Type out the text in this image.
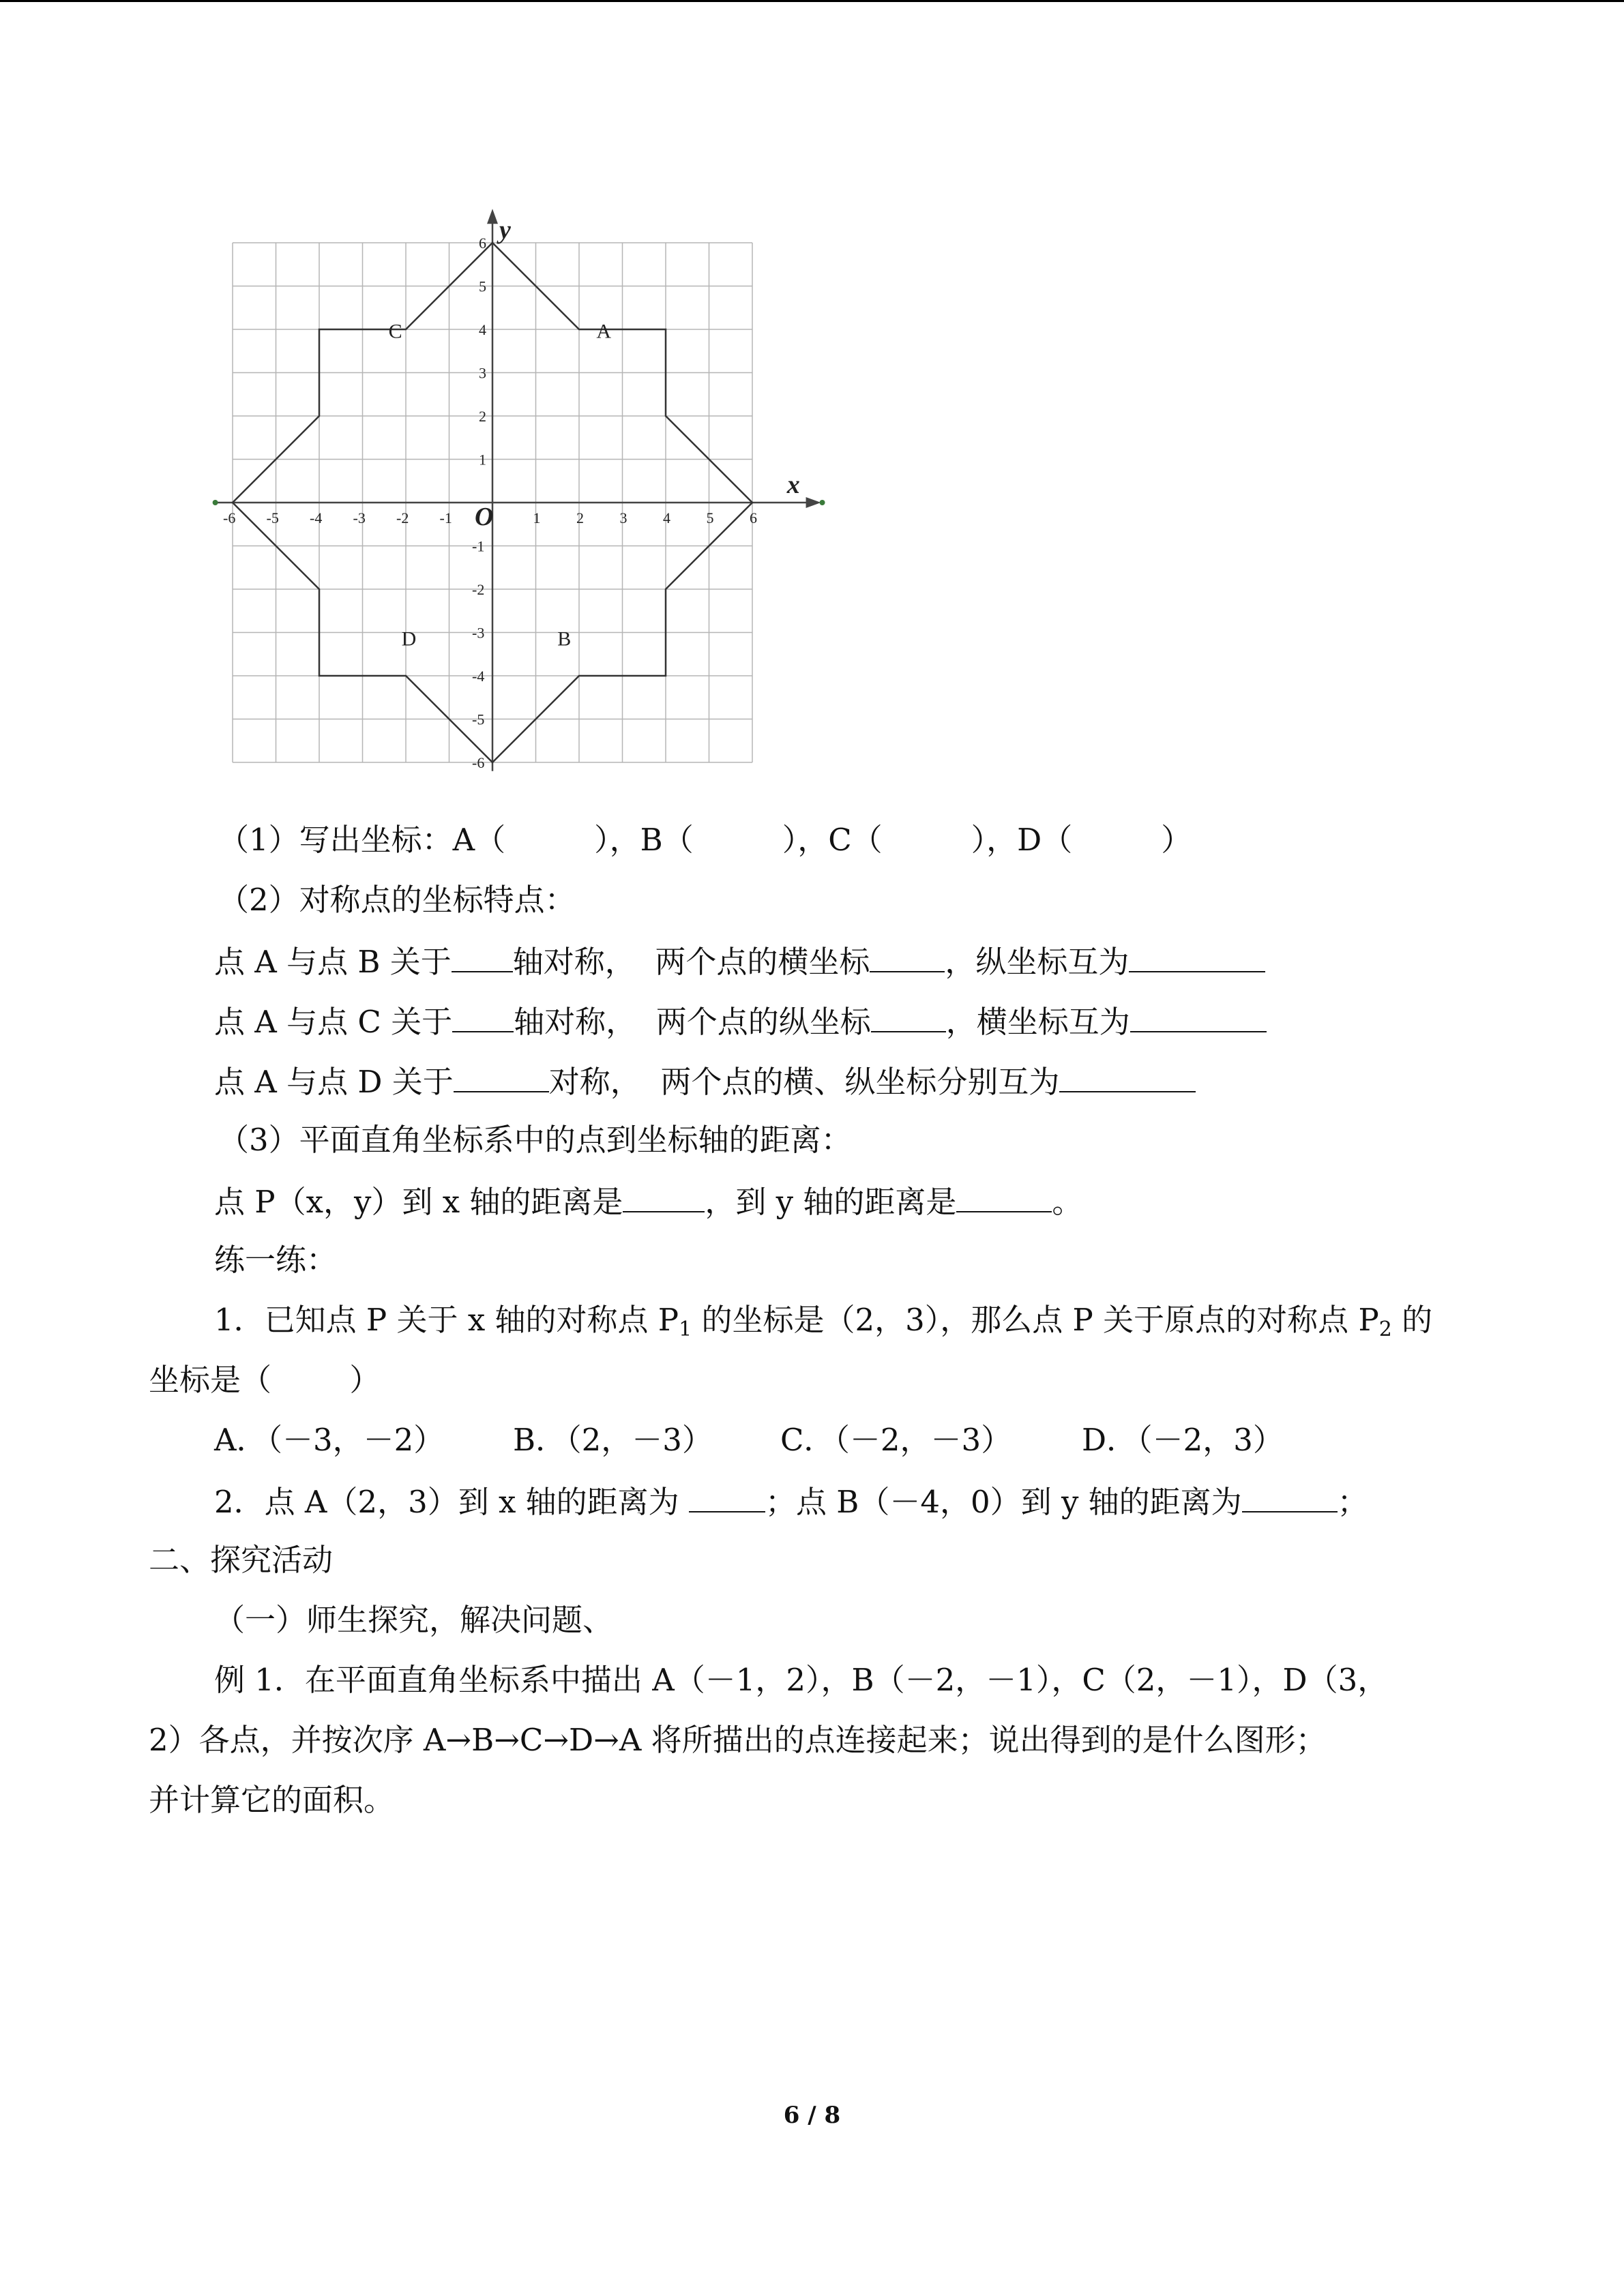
-6 -5 -4 -3 -2 -1	1 2 3 4 5 6
6
5
4
3
2
1
-1
-2
-3
-4
-5
-6
O
x
y
A
B
C
D
（1）写出坐标：A（	），B（	），C（	），D（	）
（2）对称点的坐标特点：
点 A 与点 B 关于 轴对称，  两个点的横坐标 ，纵坐标互为
点 A 与点 C 关于 轴对称，  两个点的纵坐标 ，横坐标互为
点 A 与点 D 关于	对称，  两个点的横、纵坐标分别互为
（3）平面直角坐标系中的点到坐标轴的距离：
点 P（x，y）到 x 轴的距离是	，到 y 轴的距离是	。
练一练：
1．已知点 P 关于 x 轴的对称点 $P_1$ 的坐标是（2，3），那么点 P 关于原点的对称点 $P_2$ 的
坐标是（        ）
A．（－3，－2） B．（2，－3） C．（－2，－3） D．（－2，3）
2．点 A（2，3）到 x 轴的距离为 ；点 B（－4，0）到 y 轴的距离为	；
二、探究活动
（一）师生探究，解决问题、
例 1．在平面直角坐标系中描出 A（－1，2），B（－2，－1），C（2，－1），D（3，
2）各点，并按次序 A→B→C→D→A 将所描出的点连接起来；说出得到的是什么图形；
并计算它的面积。
6 / 8
